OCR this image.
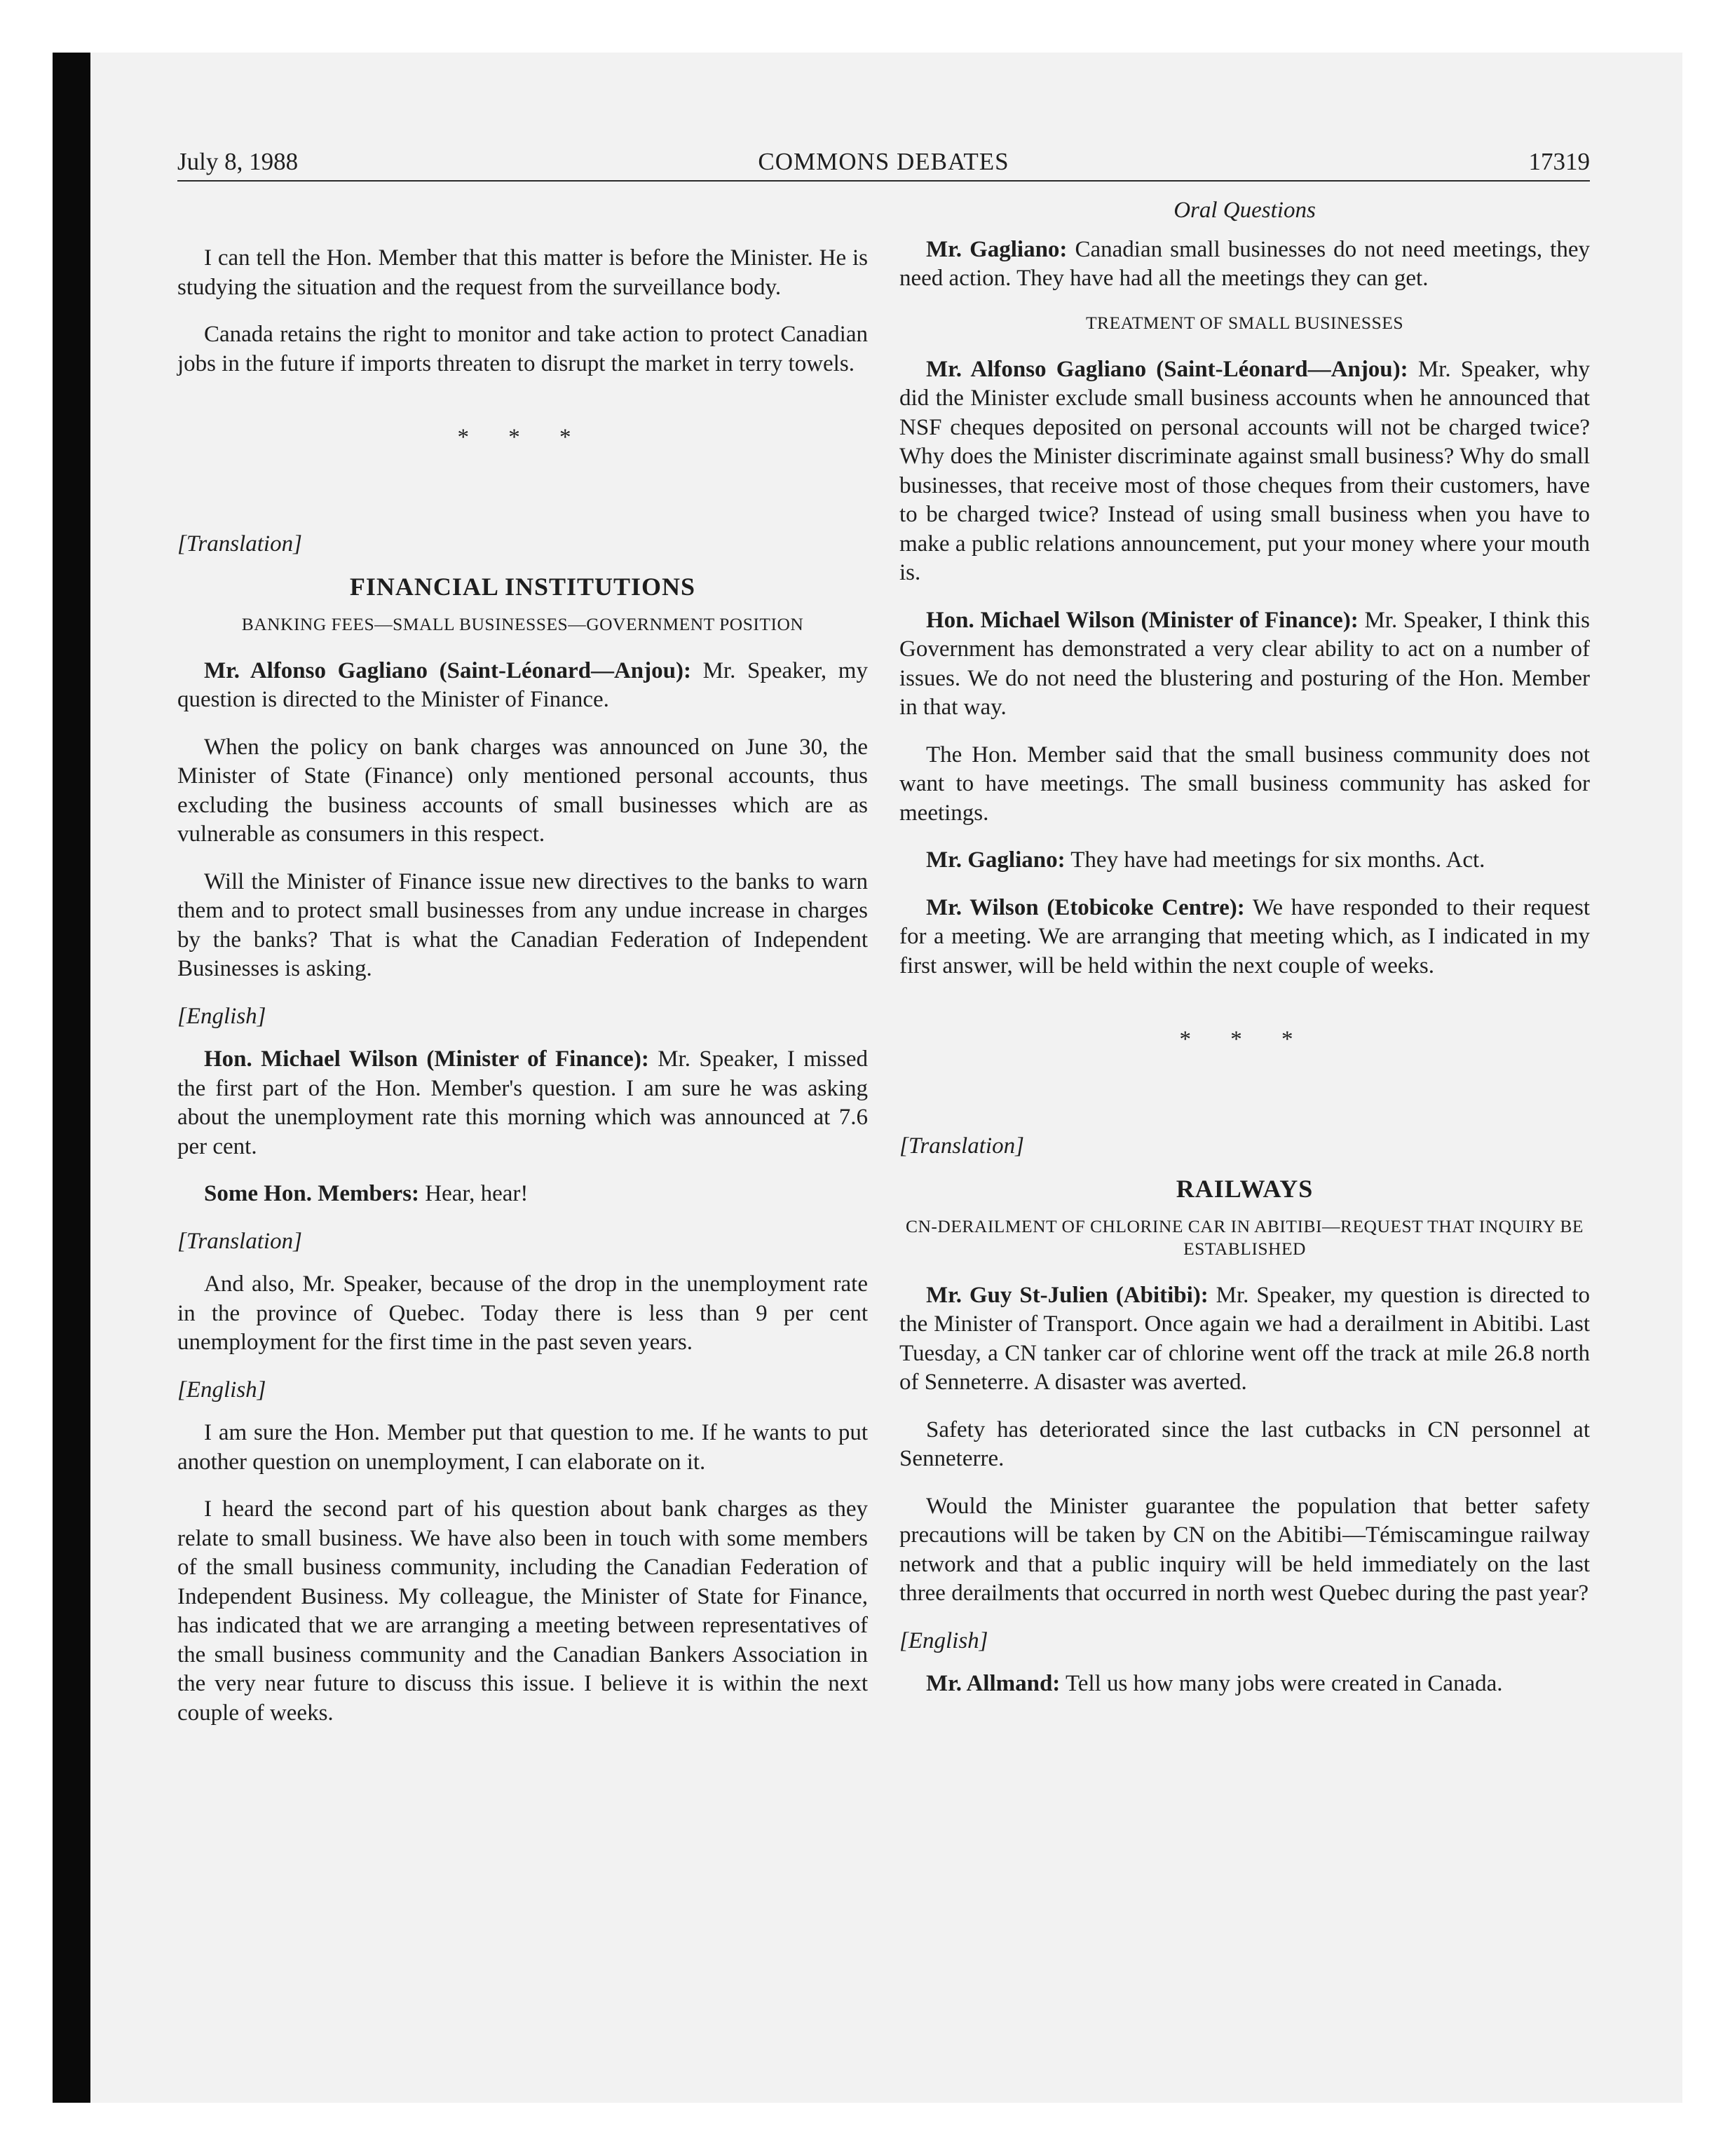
July 8, 1988	COMMONS DEBATES	17319

I can tell the Hon. Member that this matter is before the Minister. He is studying the situation and the request from the surveillance body.

Canada retains the right to monitor and take action to protect Canadian jobs in the future if imports threaten to disrupt the market in terry towels.

* * *

[Translation]

FINANCIAL INSTITUTIONS
BANKING FEES—SMALL BUSINESSES—GOVERNMENT POSITION

Mr. Alfonso Gagliano (Saint-Léonard—Anjou): Mr. Speaker, my question is directed to the Minister of Finance.

When the policy on bank charges was announced on June 30, the Minister of State (Finance) only mentioned personal accounts, thus excluding the business accounts of small businesses which are as vulnerable as consumers in this respect.

Will the Minister of Finance issue new directives to the banks to warn them and to protect small businesses from any undue increase in charges by the banks? That is what the Canadian Federation of Independent Businesses is asking.

[English]

Hon. Michael Wilson (Minister of Finance): Mr. Speaker, I missed the first part of the Hon. Member's question. I am sure he was asking about the unemployment rate this morning which was announced at 7.6 per cent.

Some Hon. Members: Hear, hear!

[Translation]

And also, Mr. Speaker, because of the drop in the unemployment rate in the province of Quebec. Today there is less than 9 per cent unemployment for the first time in the past seven years.

[English]

I am sure the Hon. Member put that question to me. If he wants to put another question on unemployment, I can elaborate on it.

I heard the second part of his question about bank charges as they relate to small business. We have also been in touch with some members of the small business community, including the Canadian Federation of Independent Business. My colleague, the Minister of State for Finance, has indicated that we are arranging a meeting between representatives of the small business community and the Canadian Bankers Association in the very near future to discuss this issue. I believe it is within the next couple of weeks.

Oral Questions

Mr. Gagliano: Canadian small businesses do not need meetings, they need action. They have had all the meetings they can get.

TREATMENT OF SMALL BUSINESSES

Mr. Alfonso Gagliano (Saint-Léonard—Anjou): Mr. Speaker, why did the Minister exclude small business accounts when he announced that NSF cheques deposited on personal accounts will not be charged twice? Why does the Minister discriminate against small business? Why do small businesses, that receive most of those cheques from their customers, have to be charged twice? Instead of using small business when you have to make a public relations announcement, put your money where your mouth is.

Hon. Michael Wilson (Minister of Finance): Mr. Speaker, I think this Government has demonstrated a very clear ability to act on a number of issues. We do not need the blustering and posturing of the Hon. Member in that way.

The Hon. Member said that the small business community does not want to have meetings. The small business community has asked for meetings.

Mr. Gagliano: They have had meetings for six months. Act.

Mr. Wilson (Etobicoke Centre): We have responded to their request for a meeting. We are arranging that meeting which, as I indicated in my first answer, will be held within the next couple of weeks.

* * *

[Translation]

RAILWAYS
CN-DERAILMENT OF CHLORINE CAR IN ABITIBI—REQUEST THAT INQUIRY BE ESTABLISHED

Mr. Guy St-Julien (Abitibi): Mr. Speaker, my question is directed to the Minister of Transport. Once again we had a derailment in Abitibi. Last Tuesday, a CN tanker car of chlorine went off the track at mile 26.8 north of Senneterre. A disaster was averted.

Safety has deteriorated since the last cutbacks in CN personnel at Senneterre.

Would the Minister guarantee the population that better safety precautions will be taken by CN on the Abitibi—Témiscamingue railway network and that a public inquiry will be held immediately on the last three derailments that occurred in north west Quebec during the past year?

[English]

Mr. Allmand: Tell us how many jobs were created in Canada.
